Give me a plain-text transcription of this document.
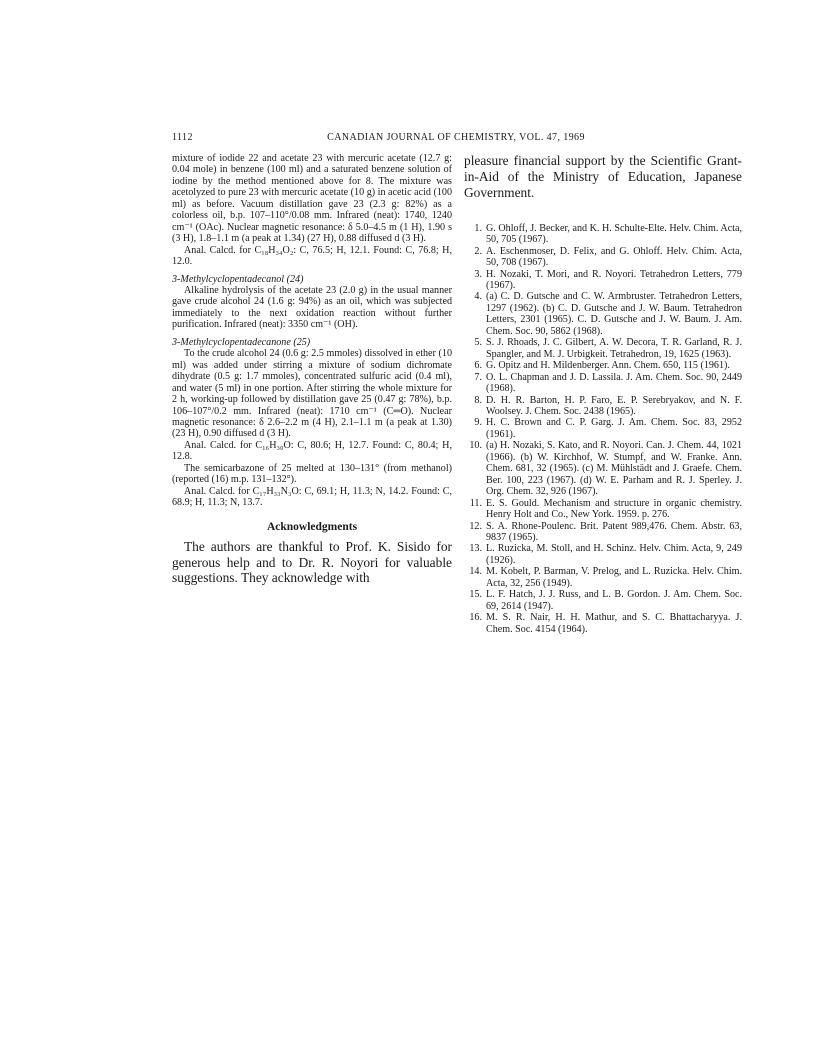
1112	CANADIAN JOURNAL OF CHEMISTRY, VOL. 47, 1969

mixture of iodide 22 and acetate 23 with mercuric acetate (12.7 g: 0.04 mole) in benzene (100 ml) and a saturated benzene solution of iodine by the method mentioned above for 8. The mixture was acetolyzed to pure 23 with mercuric acetate (10 g) in acetic acid (100 ml) as before. Vacuum distillation gave 23 (2.3 g: 82%) as a colorless oil, b.p. 107–110°/0.08 mm. Infrared (neat): 1740, 1240 cm⁻¹ (OAc). Nuclear magnetic resonance: δ 5.0–4.5 m (1 H), 1.90 s (3 H), 1.8–1.1 m (a peak at 1.34) (27 H), 0.88 diffused d (3 H).

Anal. Calcd. for C₁₈H₃₄O₂: C, 76.5; H, 12.1. Found: C, 76.8; H, 12.0.

3-Methylcyclopentadecanol (24)

Alkaline hydrolysis of the acetate 23 (2.0 g) in the usual manner gave crude alcohol 24 (1.6 g: 94%) as an oil, which was subjected immediately to the next oxidation reaction without further purification. Infrared (neat): 3350 cm⁻¹ (OH).

3-Methylcyclopentadecanone (25)

To the crude alcohol 24 (0.6 g: 2.5 mmoles) dissolved in ether (10 ml) was added under stirring a mixture of sodium dichromate dihydrate (0.5 g: 1.7 mmoles), concentrated sulfuric acid (0.4 ml), and water (5 ml) in one portion. After stirring the whole mixture for 2 h, working-up followed by distillation gave 25 (0.47 g: 78%), b.p. 106–107°/0.2 mm. Infrared (neat): 1710 cm⁻¹ (C═O). Nuclear magnetic resonance: δ 2.6–2.2 m (4 H), 2.1–1.1 m (a peak at 1.30) (23 H), 0.90 diffused d (3 H).

Anal. Calcd. for C₁₆H₃₀O: C, 80.6; H, 12.7. Found: C, 80.4; H, 12.8.

The semicarbazone of 25 melted at 130–131° (from methanol) (reported (16) m.p. 131–132°).

Anal. Calcd. for C₁₇H₃₃N₃O: C, 69.1; H, 11.3; N, 14.2. Found: C, 68.9; H, 11.3; N, 13.7.

Acknowledgments

The authors are thankful to Prof. K. Sisido for generous help and to Dr. R. Noyori for valuable suggestions. They acknowledge with

pleasure financial support by the Scientific Grant-in-Aid of the Ministry of Education, Japanese Government.

1. G. Ohloff, J. Becker, and K. H. Schulte-Elte. Helv. Chim. Acta, 50, 705 (1967).
2. A. Eschenmoser, D. Felix, and G. Ohloff. Helv. Chim. Acta, 50, 708 (1967).
3. H. Nozaki, T. Mori, and R. Noyori. Tetrahedron Letters, 779 (1967).
4. (a) C. D. Gutsche and C. W. Armbruster. Tetrahedron Letters, 1297 (1962). (b) C. D. Gutsche and J. W. Baum. Tetrahedron Letters, 2301 (1965). C. D. Gutsche and J. W. Baum. J. Am. Chem. Soc. 90, 5862 (1968).
5. S. J. Rhoads, J. C. Gilbert, A. W. Decora, T. R. Garland, R. J. Spangler, and M. J. Urbigkeit. Tetrahedron, 19, 1625 (1963).
6. G. Opitz and H. Mildenberger. Ann. Chem. 650, 115 (1961).
7. O. L. Chapman and J. D. Lassila. J. Am. Chem. Soc. 90, 2449 (1968).
8. D. H. R. Barton, H. P. Faro, E. P. Serebryakov, and N. F. Woolsey. J. Chem. Soc. 2438 (1965).
9. H. C. Brown and C. P. Garg. J. Am. Chem. Soc. 83, 2952 (1961).
10. (a) H. Nozaki, S. Kato, and R. Noyori. Can. J. Chem. 44, 1021 (1966). (b) W. Kirchhof, W. Stumpf, and W. Franke. Ann. Chem. 681, 32 (1965). (c) M. Mühlstädt and J. Graefe. Chem. Ber. 100, 223 (1967). (d) W. E. Parham and R. J. Sperley. J. Org. Chem. 32, 926 (1967).
11. E. S. Gould. Mechanism and structure in organic chemistry. Henry Holt and Co., New York. 1959. p. 276.
12. S. A. Rhone-Poulenc. Brit. Patent 989,476. Chem. Abstr. 63, 9837 (1965).
13. L. Ruzicka, M. Stoll, and H. Schinz. Helv. Chim. Acta, 9, 249 (1926).
14. M. Kobelt, P. Barman, V. Prelog, and L. Ruzicka. Helv. Chim. Acta, 32, 256 (1949).
15. L. F. Hatch, J. J. Russ, and L. B. Gordon. J. Am. Chem. Soc. 69, 2614 (1947).
16. M. S. R. Nair, H. H. Mathur, and S. C. Bhattacharyya. J. Chem. Soc. 4154 (1964).
